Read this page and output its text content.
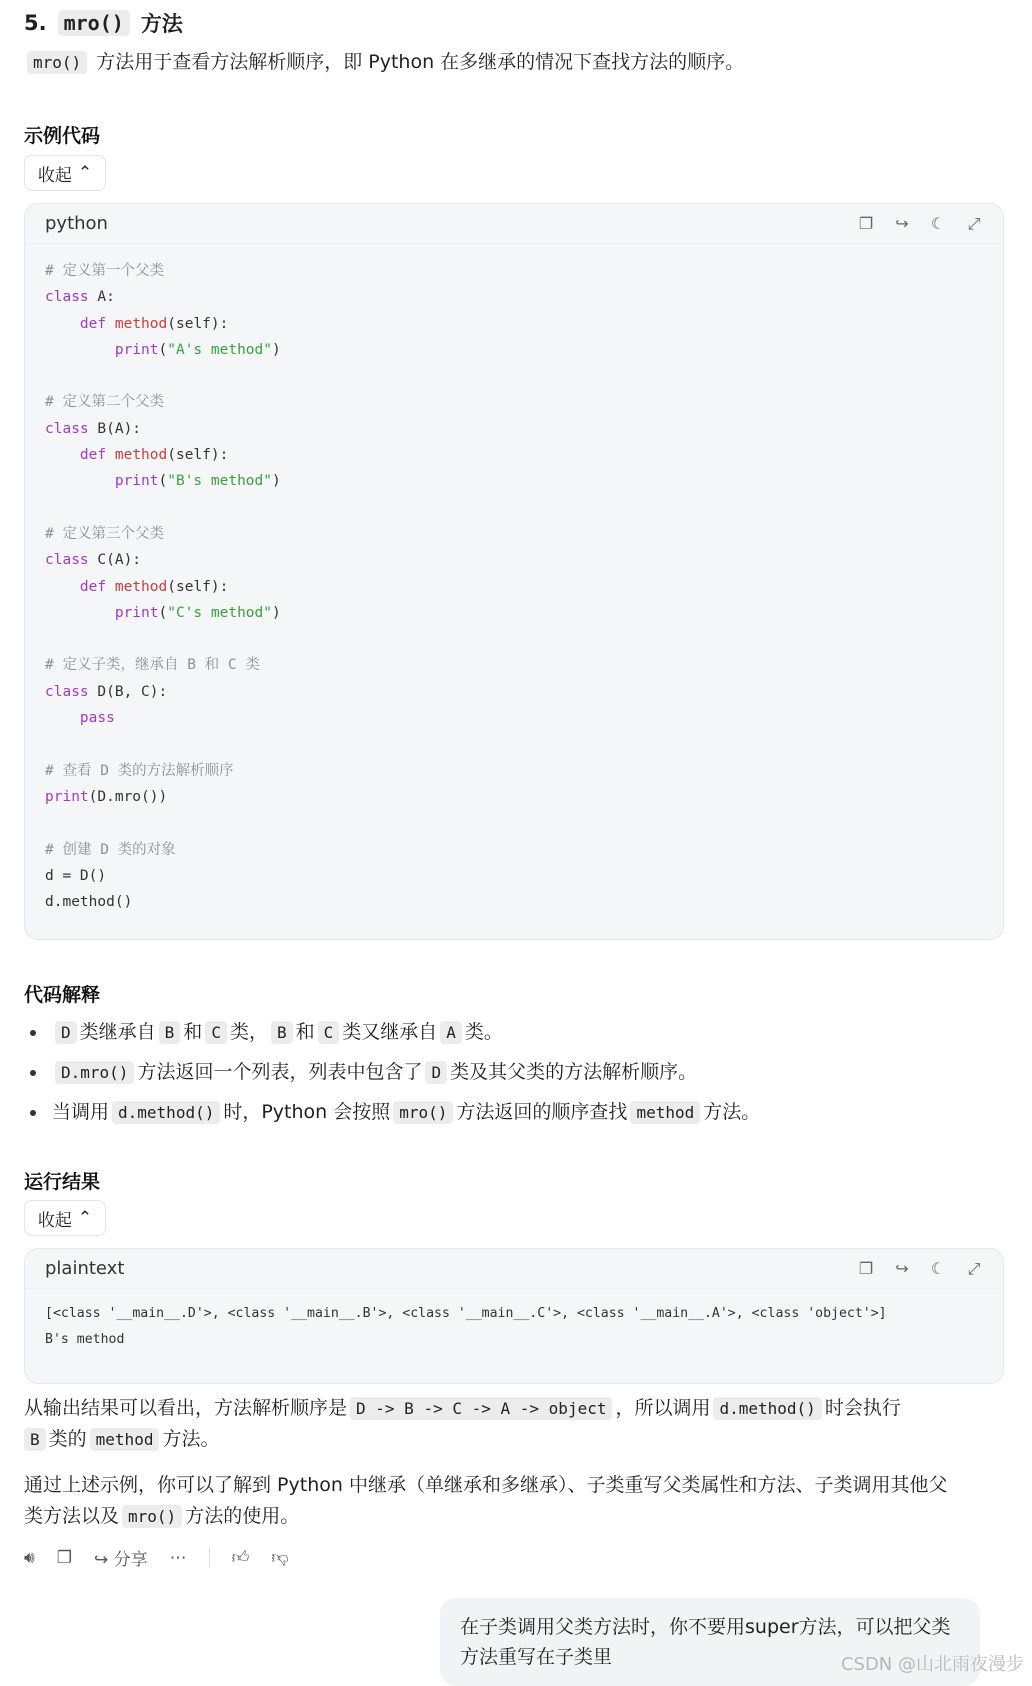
5. mro() 方法
mro() 方法用于查看方法解析顺序，即 Python 在多继承的情况下查找方法的顺序。
示例代码
收起 ⌃
python	❐ ↪ ☾ ⤢
# 定义第一个父类
class A:
def method(self):
print("A's method")

# 定义第二个父类
class B(A):
def method(self):
print("B's method")

# 定义第三个父类
class C(A):
def method(self):
print("C's method")

# 定义子类，继承自 B 和 C 类
class D(B, C):
pass

# 查看 D 类的方法解析顺序
print(D.mro())

# 创建 D 类的对象
d = D()
d.method()
代码解释
D 类继承自 B 和 C 类， B 和 C 类又继承自 A 类。
D.mro() 方法返回一个列表，列表中包含了 D 类及其父类的方法解析顺序。
当调用 d.method() 时，Python 会按照 mro() 方法返回的顺序查找 method 方法。
运行结果
收起 ⌃
plaintext	❐ ↪ ☾ ⤢
[<class '__main__.D'>, <class '__main__.B'>, <class '__main__.C'>, <class '__main__.A'>, <class 'object'>]
B's method
从输出结果可以看出，方法解析顺序是 D -> B -> C -> A -> object ，所以调用 d.method() 时会执行
B 类的 method 方法。
通过上述示例，你可以了解到 Python 中继承（单继承和多继承）、子类重写父类属性和方法、子类调用其他父
类方法以及 mro() 方法的使用。
🔊︎ ❐ ↪ 分享 ⋯	👍︎ 👎︎
在子类调用父类方法时，你不要用super方法，可以把父类方法重写在子类里	CSDN @山北雨夜漫步
